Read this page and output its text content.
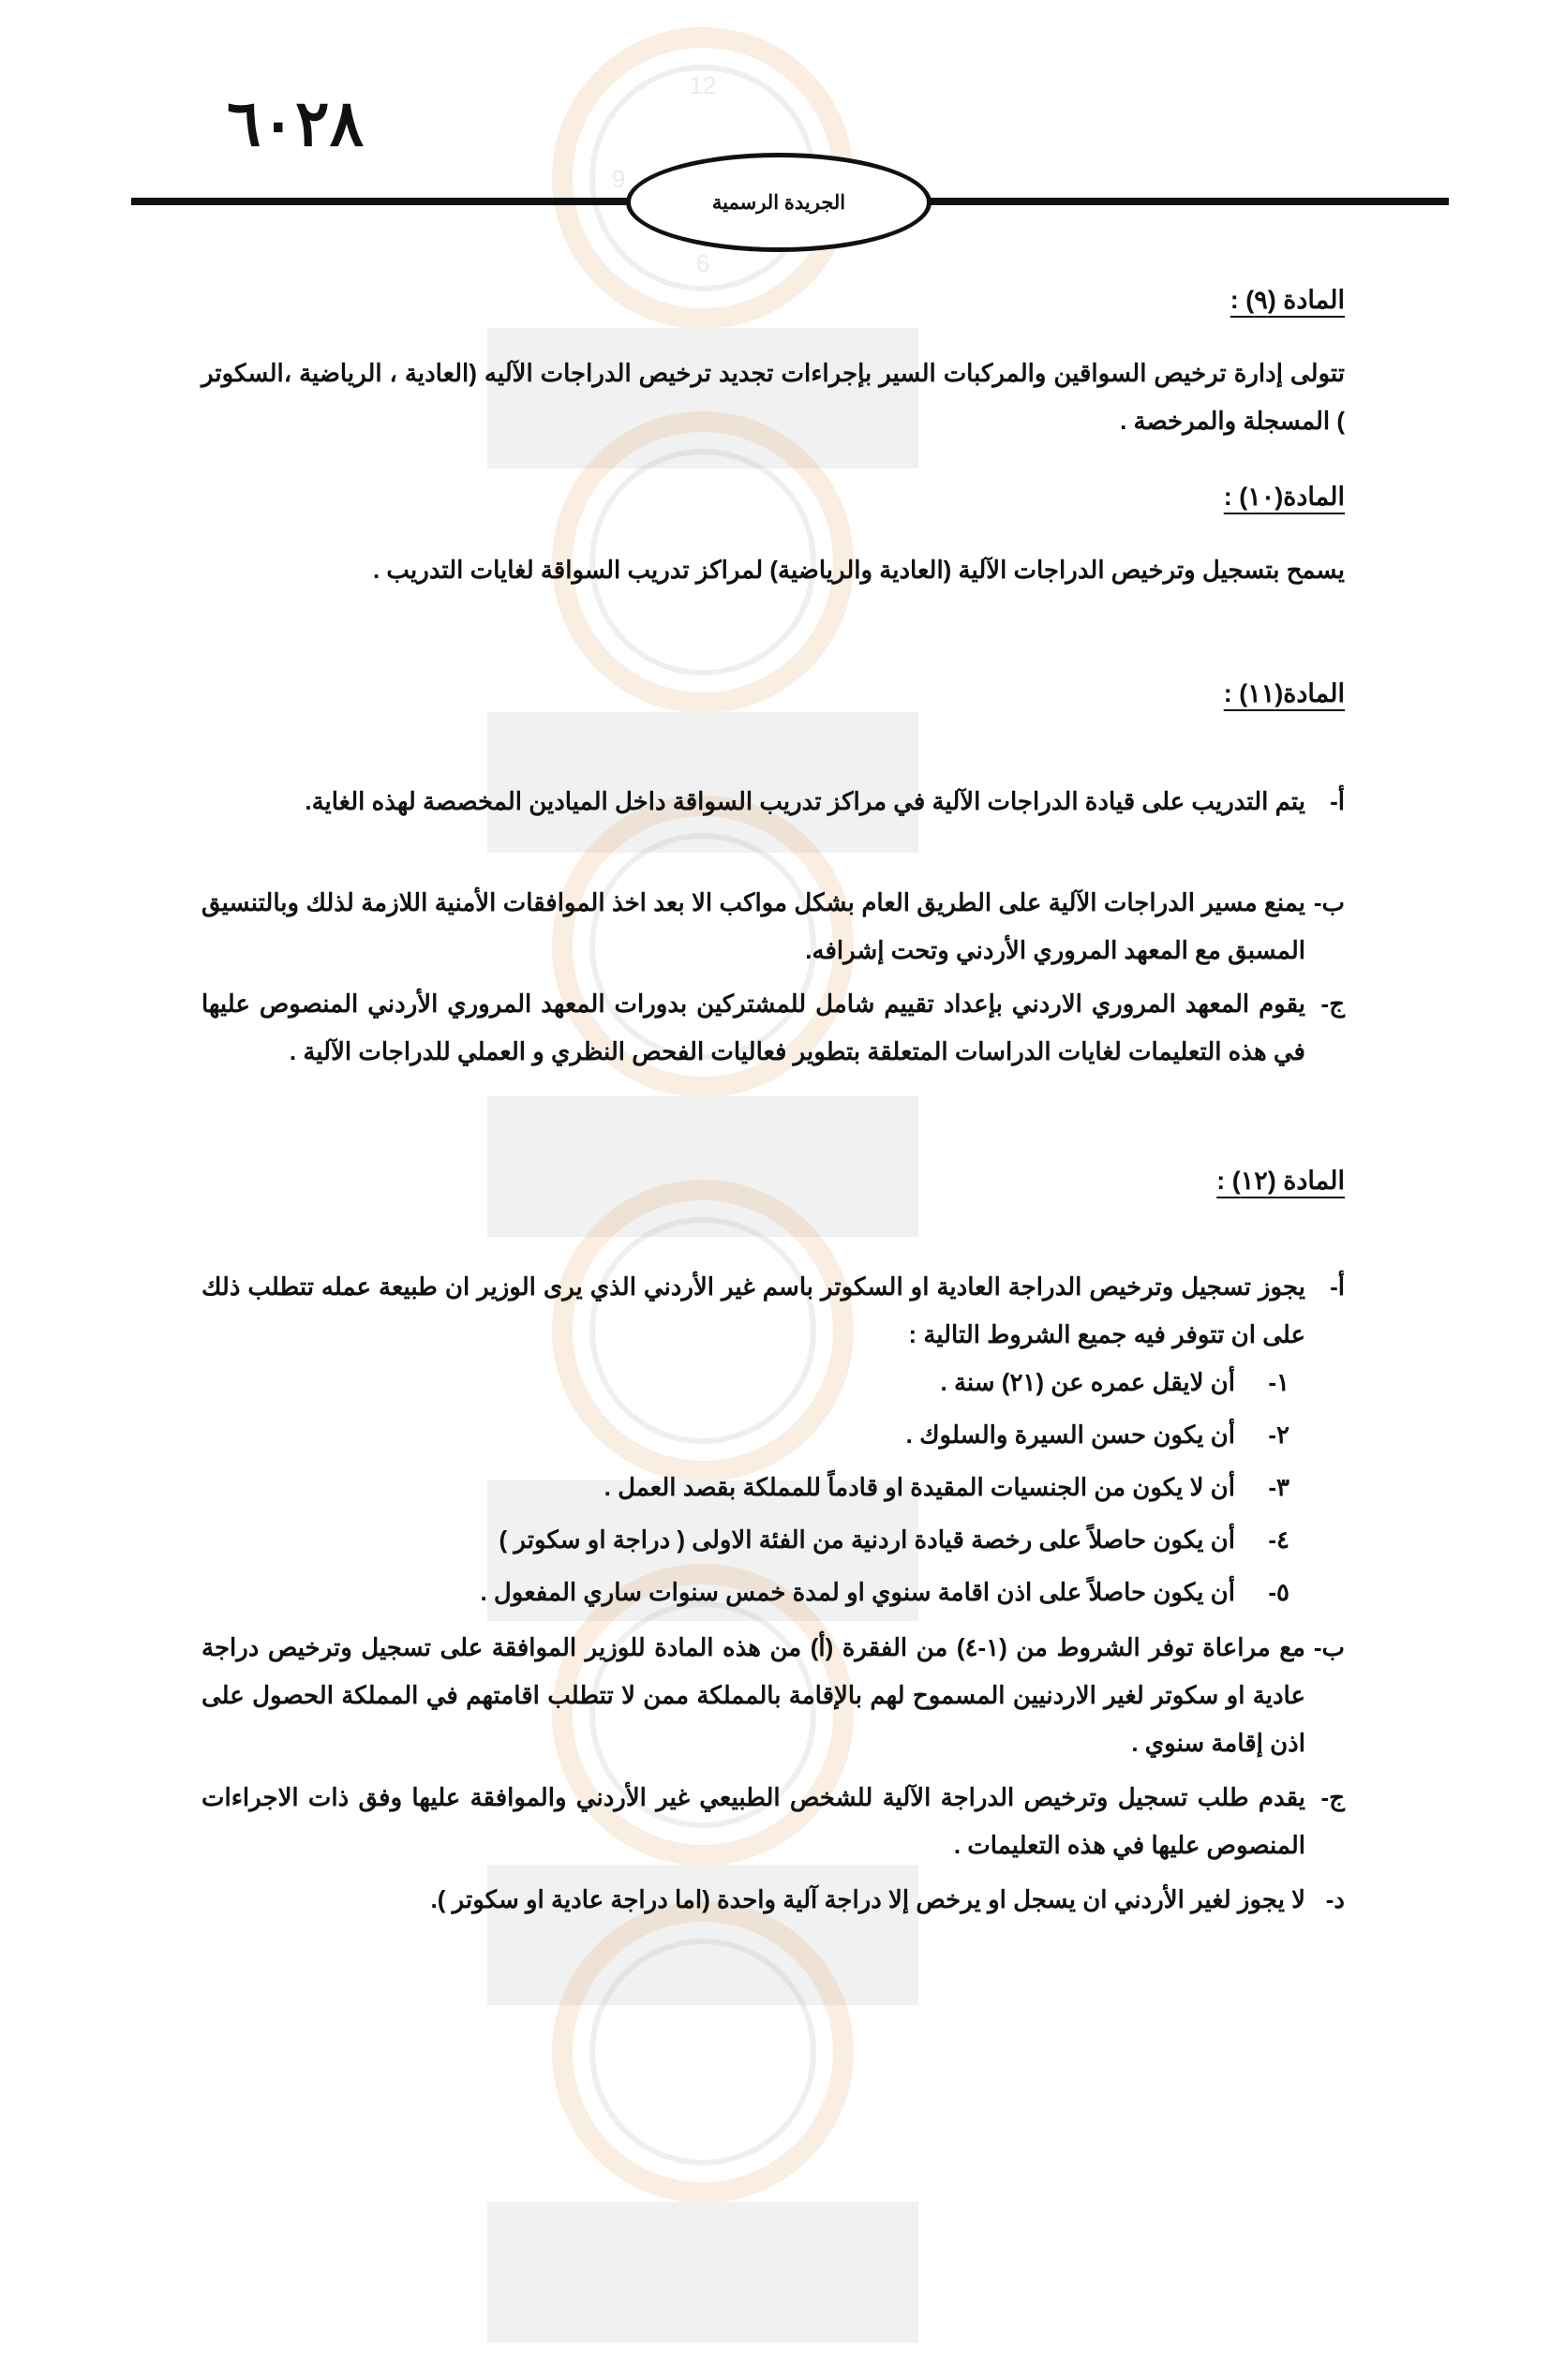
12
9
6
٦٠٢٨
الجريدة الرسمية
المادة (٩) :
تتولى إدارة ترخيص السواقين والمركبات السير بإجراءات تجديد ترخيص الدراجات الآليه (العادية ، الرياضية ،السكوتر ) المسجلة والمرخصة .
المادة(١٠) :
يسمح بتسجيل وترخيص الدراجات الآلية (العادية والرياضية) لمراكز تدريب السواقة لغايات التدريب .
المادة(١١) :
أ-
يتم التدريب على قيادة الدراجات الآلية في مراكز تدريب السواقة داخل الميادين المخصصة لهذه الغاية.
ب-
يمنع مسير الدراجات الآلية على الطريق العام بشكل مواكب الا بعد اخذ الموافقات الأمنية اللازمة لذلك وبالتنسيق المسبق مع المعهد المروري الأردني وتحت إشرافه.
ج-
يقوم المعهد المروري الاردني بإعداد تقييم شامل للمشتركين بدورات المعهد المروري الأردني المنصوص عليها في هذه التعليمات لغايات الدراسات المتعلقة بتطوير فعاليات الفحص النظري و العملي للدراجات الآلية .
المادة (١٢) :
أ-
يجوز تسجيل وترخيص الدراجة العادية او السكوتر باسم غير الأردني الذي يرى الوزير ان طبيعة عمله تتطلب ذلك على ان تتوفر فيه جميع الشروط التالية :
١-أن لايقل عمره عن (٢١) سنة .
٢-أن يكون حسن السيرة والسلوك .
٣-أن لا يكون من الجنسيات المقيدة او قادماً للمملكة بقصد العمل .
٤-أن يكون حاصلاً على رخصة قيادة اردنية من الفئة الاولى ( دراجة او سكوتر )
٥-أن يكون حاصلاً على اذن اقامة سنوي او لمدة خمس سنوات ساري المفعول .
ب-
مع مراعاة توفر الشروط من (١-٤) من الفقرة (أ) من هذه المادة للوزير الموافقة على تسجيل وترخيص دراجة عادية او سكوتر لغير الاردنيين المسموح لهم بالإقامة بالمملكة ممن لا تتطلب اقامتهم في المملكة الحصول على اذن إقامة سنوي .
ج-
يقدم طلب تسجيل وترخيص الدراجة الآلية للشخص الطبيعي غير الأردني والموافقة عليها وفق ذات الاجراءات المنصوص عليها في هذه التعليمات .
د-
لا يجوز لغير الأردني ان يسجل او يرخص إلا دراجة آلية واحدة (اما دراجة عادية او سكوتر ).
